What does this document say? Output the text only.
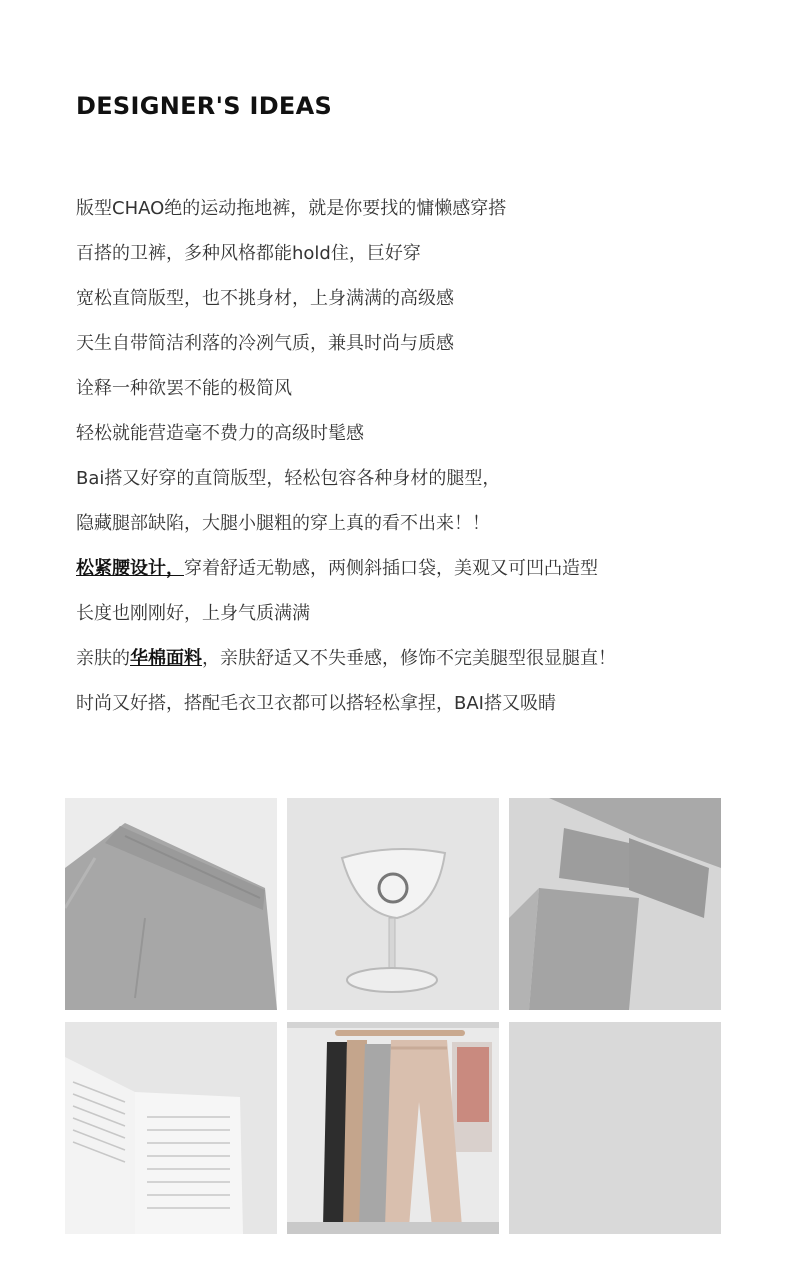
DESIGNER'S IDEAS
版型CHAO绝的运动拖地裤，就是你要找的慵懒感穿搭
百搭的卫裤，多种风格都能hold住，巨好穿
宽松直筒版型，也不挑身材，上身满满的高级感
天生自带简洁利落的冷冽气质，兼具时尚与质感
诠释一种欲罢不能的极简风
轻松就能营造毫不费力的高级时髦感
Bai搭又好穿的直筒版型，轻松包容各种身材的腿型，
隐藏腿部缺陷，大腿小腿粗的穿上真的看不出来！！
松紧腰设计，穿着舒适无勒感，两侧斜插口袋，美观又可凹凸造型
长度也刚刚好，上身气质满满
亲肤的华棉面料，亲肤舒适又不失垂感，修饰不完美腿型很显腿直！
时尚又好搭，搭配毛衣卫衣都可以搭轻松拿捏，BAI搭又吸睛
